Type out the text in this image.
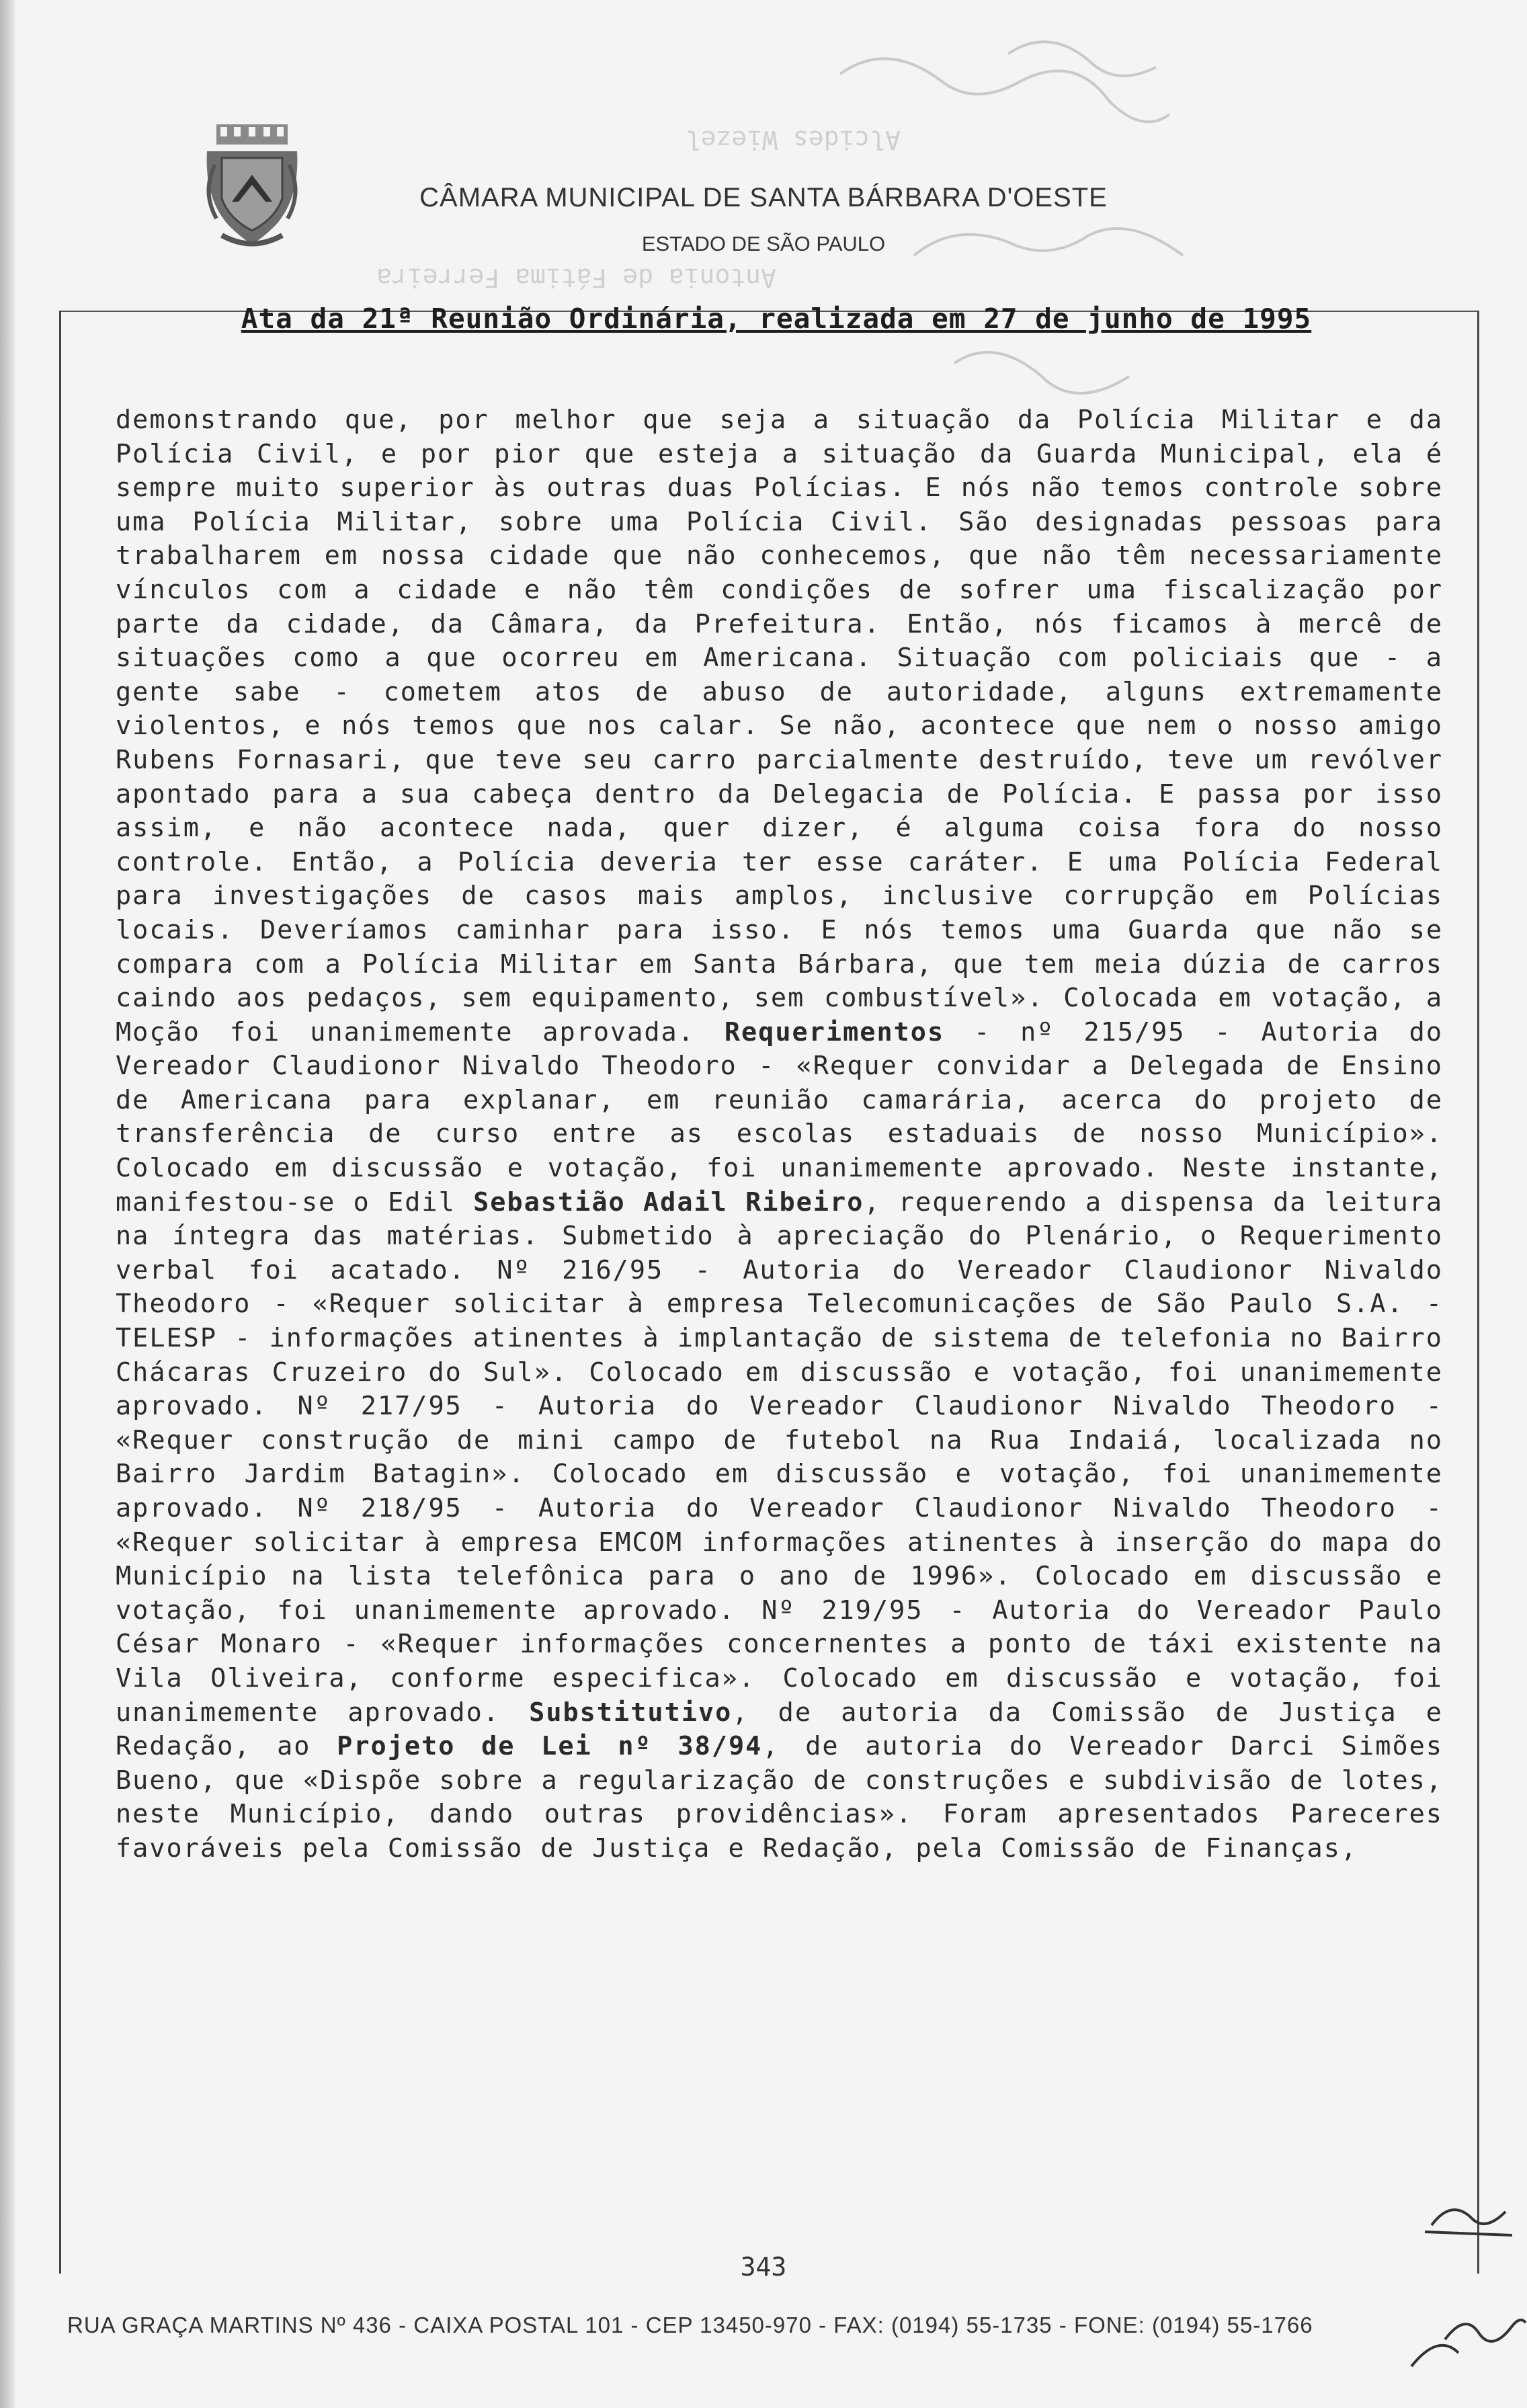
CÂMARA MUNICIPAL DE SANTA BÁRBARA D'OESTE
ESTADO DE SÃO PAULO
Alcides Wiezel
Antonia de Fátima Ferreira
Ata da 21ª Reunião Ordinária, realizada em 27 de junho de 1995

demonstrando que, por melhor que seja a situação da Polícia Militar e da Polícia Civil, e por pior que esteja a situação da Guarda Municipal, ela é sempre muito superior às outras duas Polícias. E nós não temos controle sobre uma Polícia Militar, sobre uma Polícia Civil. São designadas pessoas para trabalharem em nossa cidade que não conhecemos, que não têm necessariamente vínculos com a cidade e não têm condições de sofrer uma fiscalização por parte da cidade, da Câmara, da Prefeitura. Então, nós ficamos à mercê de situações como a que ocorreu em Americana. Situação com policiais que - a gente sabe - cometem atos de abuso de autoridade, alguns extremamente violentos, e nós temos que nos calar. Se não, acontece que nem o nosso amigo Rubens Fornasari, que teve seu carro parcialmente destruído, teve um revólver apontado para a sua cabeça dentro da Delegacia de Polícia. E passa por isso assim, e não acontece nada, quer dizer, é alguma coisa fora do nosso controle. Então, a Polícia deveria ter esse caráter. E uma Polícia Federal para investigações de casos mais amplos, inclusive corrupção em Polícias locais. Deveríamos caminhar para isso. E nós temos uma Guarda que não se compara com a Polícia Militar em Santa Bárbara, que tem meia dúzia de carros caindo aos pedaços, sem equipamento, sem combustível». Colocada em votação, a Moção foi unanimemente aprovada. Requerimentos - nº 215/95 - Autoria do Vereador Claudionor Nivaldo Theodoro - «Requer convidar a Delegada de Ensino de Americana para explanar, em reunião camarária, acerca do projeto de transferência de curso entre as escolas estaduais de nosso Município». Colocado em discussão e votação, foi unanimemente aprovado. Neste instante, manifestou-se o Edil Sebastião Adail Ribeiro, requerendo a dispensa da leitura na íntegra das matérias. Submetido à apreciação do Plenário, o Requerimento verbal foi acatado. Nº 216/95 - Autoria do Vereador Claudionor Nivaldo Theodoro - «Requer solicitar à empresa Telecomunicações de São Paulo S.A. - TELESP - informações atinentes à implantação de sistema de telefonia no Bairro Chácaras Cruzeiro do Sul». Colocado em discussão e votação, foi unanimemente aprovado. Nº 217/95 - Autoria do Vereador Claudionor Nivaldo Theodoro - «Requer construção de mini campo de futebol na Rua Indaiá, localizada no Bairro Jardim Batagin». Colocado em discussão e votação, foi unanimemente aprovado. Nº 218/95 - Autoria do Vereador Claudionor Nivaldo Theodoro - «Requer solicitar à empresa EMCOM informações atinentes à inserção do mapa do Município na lista telefônica para o ano de 1996». Colocado em discussão e votação, foi unanimemente aprovado. Nº 219/95 - Autoria do Vereador Paulo César Monaro - «Requer informações concernentes a ponto de táxi existente na Vila Oliveira, conforme especifica». Colocado em discussão e votação, foi unanimemente aprovado. Substitutivo, de autoria da Comissão de Justiça e Redação, ao Projeto de Lei nº 38/94, de autoria do Vereador Darci Simões Bueno, que «Dispõe sobre a regularização de construções e subdivisão de lotes, neste Município, dando outras providências». Foram apresentados Pareceres favoráveis pela Comissão de Justiça e Redação, pela Comissão de Finanças,

343
RUA GRAÇA MARTINS Nº 436 - CAIXA POSTAL 101 - CEP 13450-970 - FAX: (0194) 55-1735 - FONE: (0194) 55-1766
